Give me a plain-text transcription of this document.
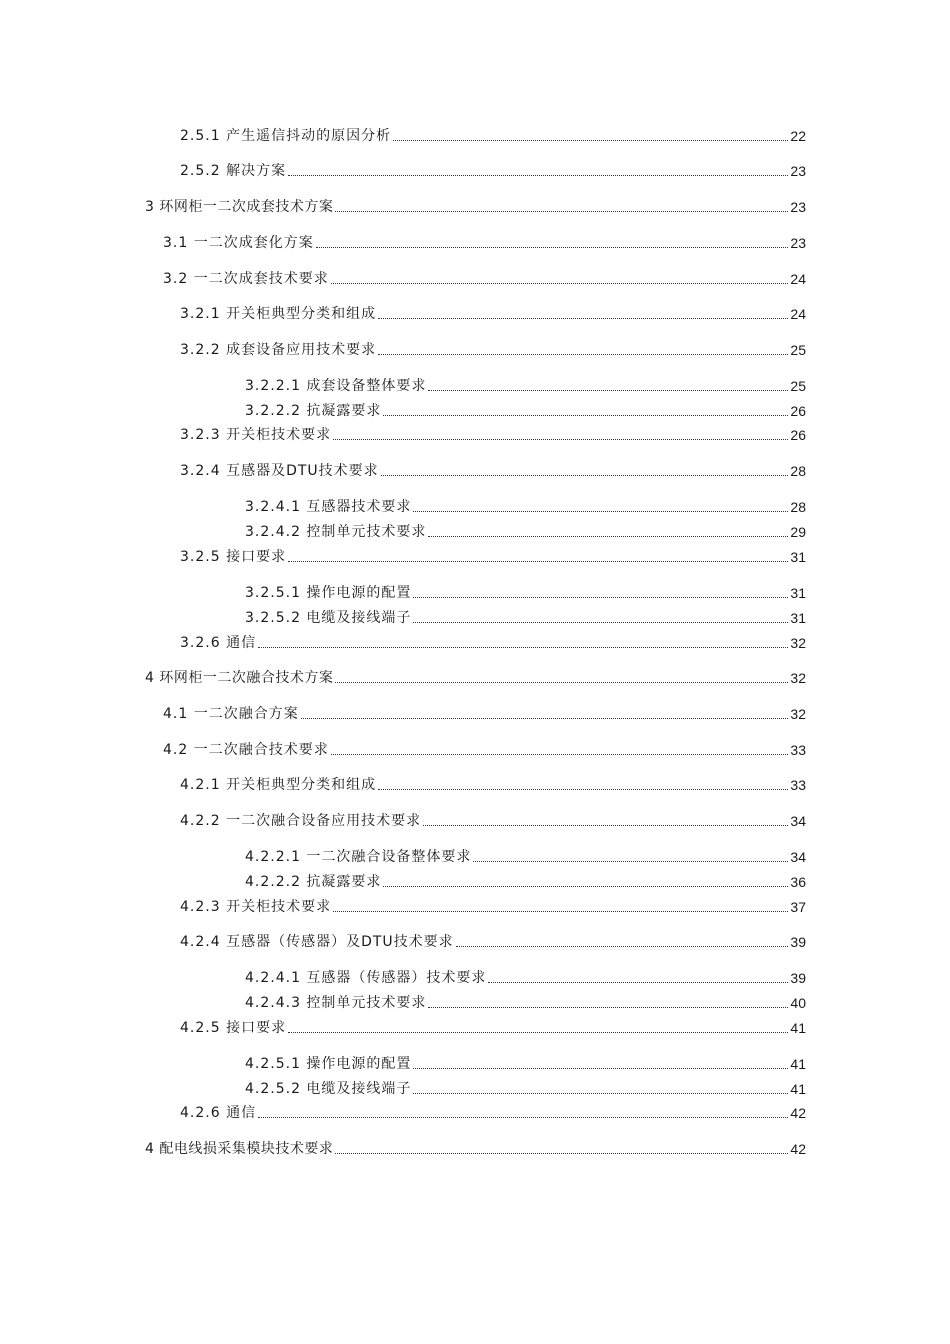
2.5.1 产生遥信抖动的原因分析	22
2.5.2 解决方案	23
3 环网柜一二次成套技术方案	23
3.1 一二次成套化方案	23
3.2 一二次成套技术要求	24
3.2.1 开关柜典型分类和组成	24
3.2.2 成套设备应用技术要求	25
3.2.2.1 成套设备整体要求	25
3.2.2.2 抗凝露要求	26
3.2.3 开关柜技术要求	26
3.2.4 互感器及DTU技术要求	28
3.2.4.1 互感器技术要求	28
3.2.4.2 控制单元技术要求	29
3.2.5 接口要求	31
3.2.5.1 操作电源的配置	31
3.2.5.2 电缆及接线端子	31
3.2.6 通信	32
4 环网柜一二次融合技术方案	32
4.1 一二次融合方案	32
4.2 一二次融合技术要求	33
4.2.1 开关柜典型分类和组成	33
4.2.2 一二次融合设备应用技术要求	34
4.2.2.1 一二次融合设备整体要求	34
4.2.2.2 抗凝露要求	36
4.2.3 开关柜技术要求	37
4.2.4 互感器（传感器）及DTU技术要求	39
4.2.4.1 互感器（传感器）技术要求	39
4.2.4.3 控制单元技术要求	40
4.2.5 接口要求	41
4.2.5.1 操作电源的配置	41
4.2.5.2 电缆及接线端子	41
4.2.6 通信	42
4 配电线损采集模块技术要求	42
